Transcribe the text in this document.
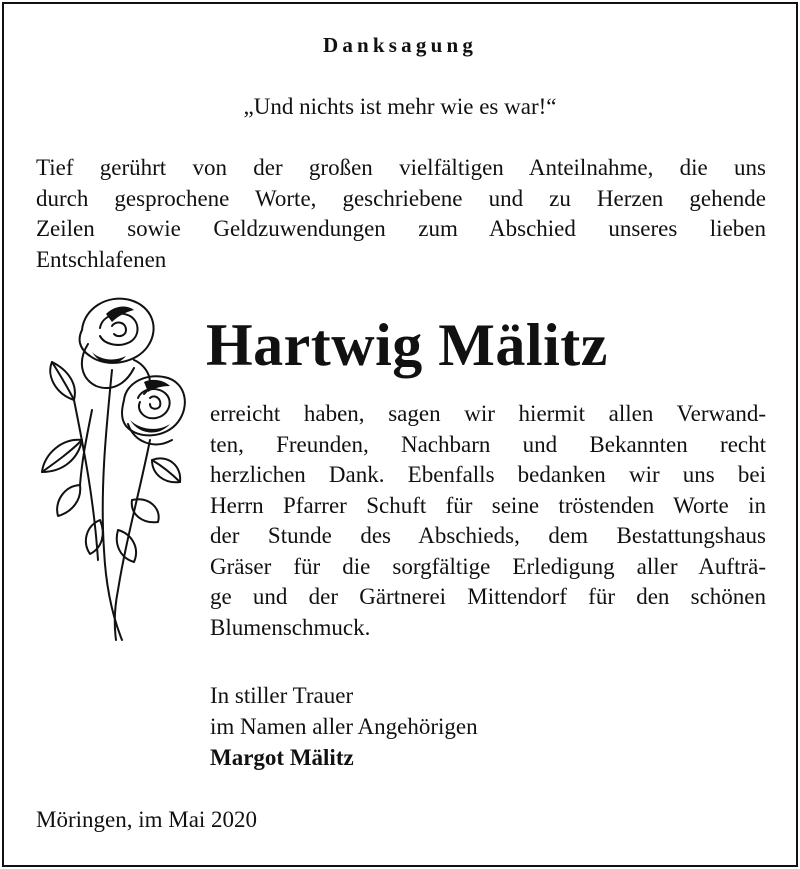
Danksagung
„Und nichts ist mehr wie es war!“
Tief gerührt von der großen vielfältigen Anteilnahme, die uns
durch gesprochene Worte, geschriebene und zu Herzen gehende
Zeilen sowie Geldzuwendungen zum Abschied unseres lieben
Entschlafenen
Hartwig Mälitz
erreicht haben, sagen wir hiermit allen Verwand-
ten, Freunden, Nachbarn und Bekannten recht
herzlichen Dank. Ebenfalls bedanken wir uns bei
Herrn Pfarrer Schuft für seine tröstenden Worte in
der Stunde des Abschieds, dem Bestattungshaus
Gräser für die sorgfältige Erledigung aller Aufträ-
ge und der Gärtnerei Mittendorf für den schönen
Blumenschmuck.
In stiller Trauer
im Namen aller Angehörigen
Margot Mälitz
Möringen, im Mai 2020
